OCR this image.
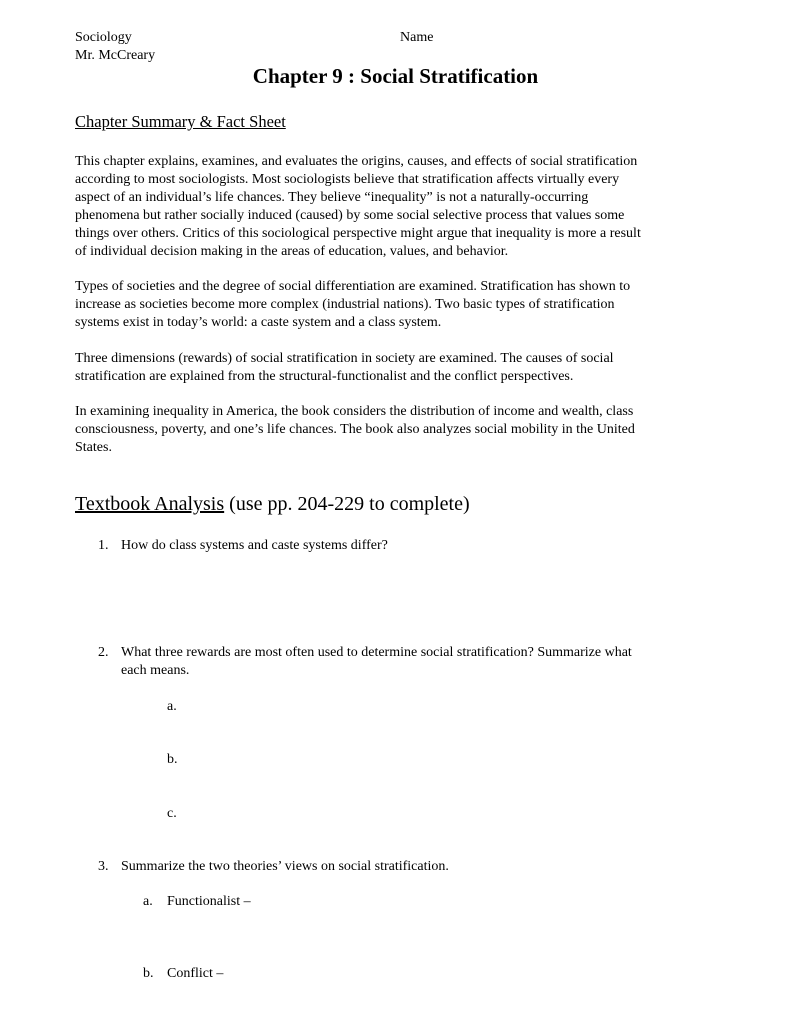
Sociology
Mr. McCreary
Name
Chapter 9 : Social Stratification
Chapter Summary & Fact Sheet
This chapter explains, examines, and evaluates the origins, causes, and effects of social stratification
according to most sociologists. Most sociologists believe that stratification affects virtually every
aspect of an individual’s life chances. They believe “inequality” is not a naturally-occurring
phenomena but rather socially induced (caused) by some social selective process that values some
things over others. Critics of this sociological perspective might argue that inequality is more a result
of individual decision making in the areas of education, values, and behavior.
Types of societies and the degree of social differentiation are examined. Stratification has shown to
increase as societies become more complex (industrial nations). Two basic types of stratification
systems exist in today’s world: a caste system and a class system.
Three dimensions (rewards) of social stratification in society are examined. The causes of social
stratification are explained from the structural-functionalist and the conflict perspectives.
In examining inequality in America, the book considers the distribution of income and wealth, class
consciousness, poverty, and one’s life chances. The book also analyzes social mobility in the United
States.
Textbook Analysis (use pp. 204-229 to complete)
1. How do class systems and caste systems differ?
2. What three rewards are most often used to determine social stratification? Summarize what
each means.
a.
b.
c.
3. Summarize the two theories’ views on social stratification.
a. Functionalist –
b. Conflict –
